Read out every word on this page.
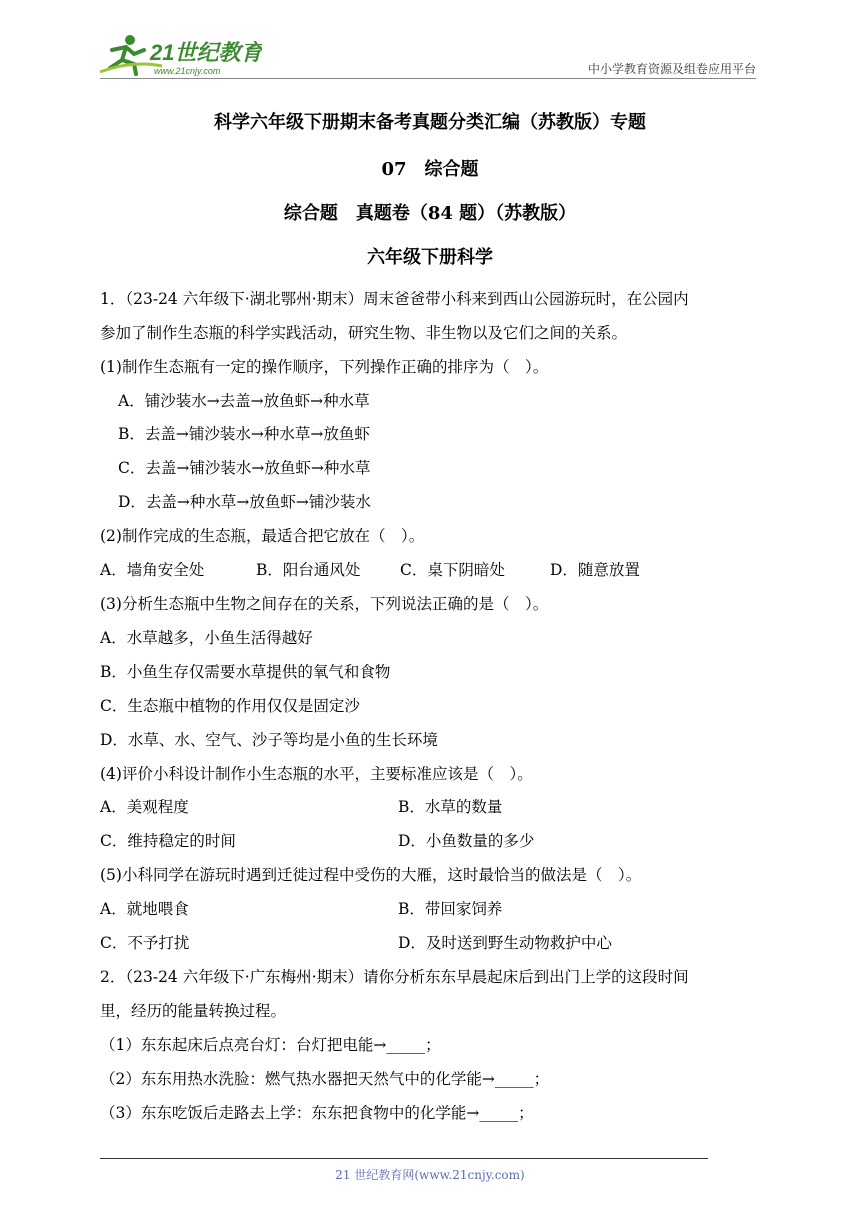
21世纪教育
www.21cnjy.com	中小学教育资源及组卷应用平台
科学六年级下册期末备考真题分类汇编（苏教版）专题
07　综合题
综合题　真题卷（84 题）（苏教版）
六年级下册科学
1．（23-24 六年级下·湖北鄂州·期末）周末爸爸带小科来到西山公园游玩时，在公园内
参加了制作生态瓶的科学实践活动，研究生物、非生物以及它们之间的关系。
(1)制作生态瓶有一定的操作顺序，下列操作正确的排序为（　）。
A．铺沙装水→去盖→放鱼虾→种水草
B．去盖→铺沙装水→种水草→放鱼虾
C．去盖→铺沙装水→放鱼虾→种水草
D．去盖→种水草→放鱼虾→铺沙装水
(2)制作完成的生态瓶，最适合把它放在（　）。
A．墙角安全处	B．阳台通风处	C．桌下阴暗处	D．随意放置
(3)分析生态瓶中生物之间存在的关系，下列说法正确的是（　）。
A．水草越多，小鱼生活得越好
B．小鱼生存仅需要水草提供的氧气和食物
C．生态瓶中植物的作用仅仅是固定沙
D．水草、水、空气、沙子等均是小鱼的生长环境
(4)评价小科设计制作小生态瓶的水平，主要标准应该是（　）。
A．美观程度	B．水草的数量
C．维持稳定的时间	D．小鱼数量的多少
(5)小科同学在游玩时遇到迁徙过程中受伤的大雁，这时最恰当的做法是（　）。
A．就地喂食	B．带回家饲养
C．不予打扰	D．及时送到野生动物救护中心
2．（23-24 六年级下·广东梅州·期末）请你分析东东早晨起床后到出门上学的这段时间
里，经历的能量转换过程。
（1）东东起床后点亮台灯：台灯把电能→_____；
（2）东东用热水洗脸：燃气热水器把天然气中的化学能→_____；
（3）东东吃饭后走路去上学：东东把食物中的化学能→_____；
21 世纪教育网(www.21cnjy.com)
